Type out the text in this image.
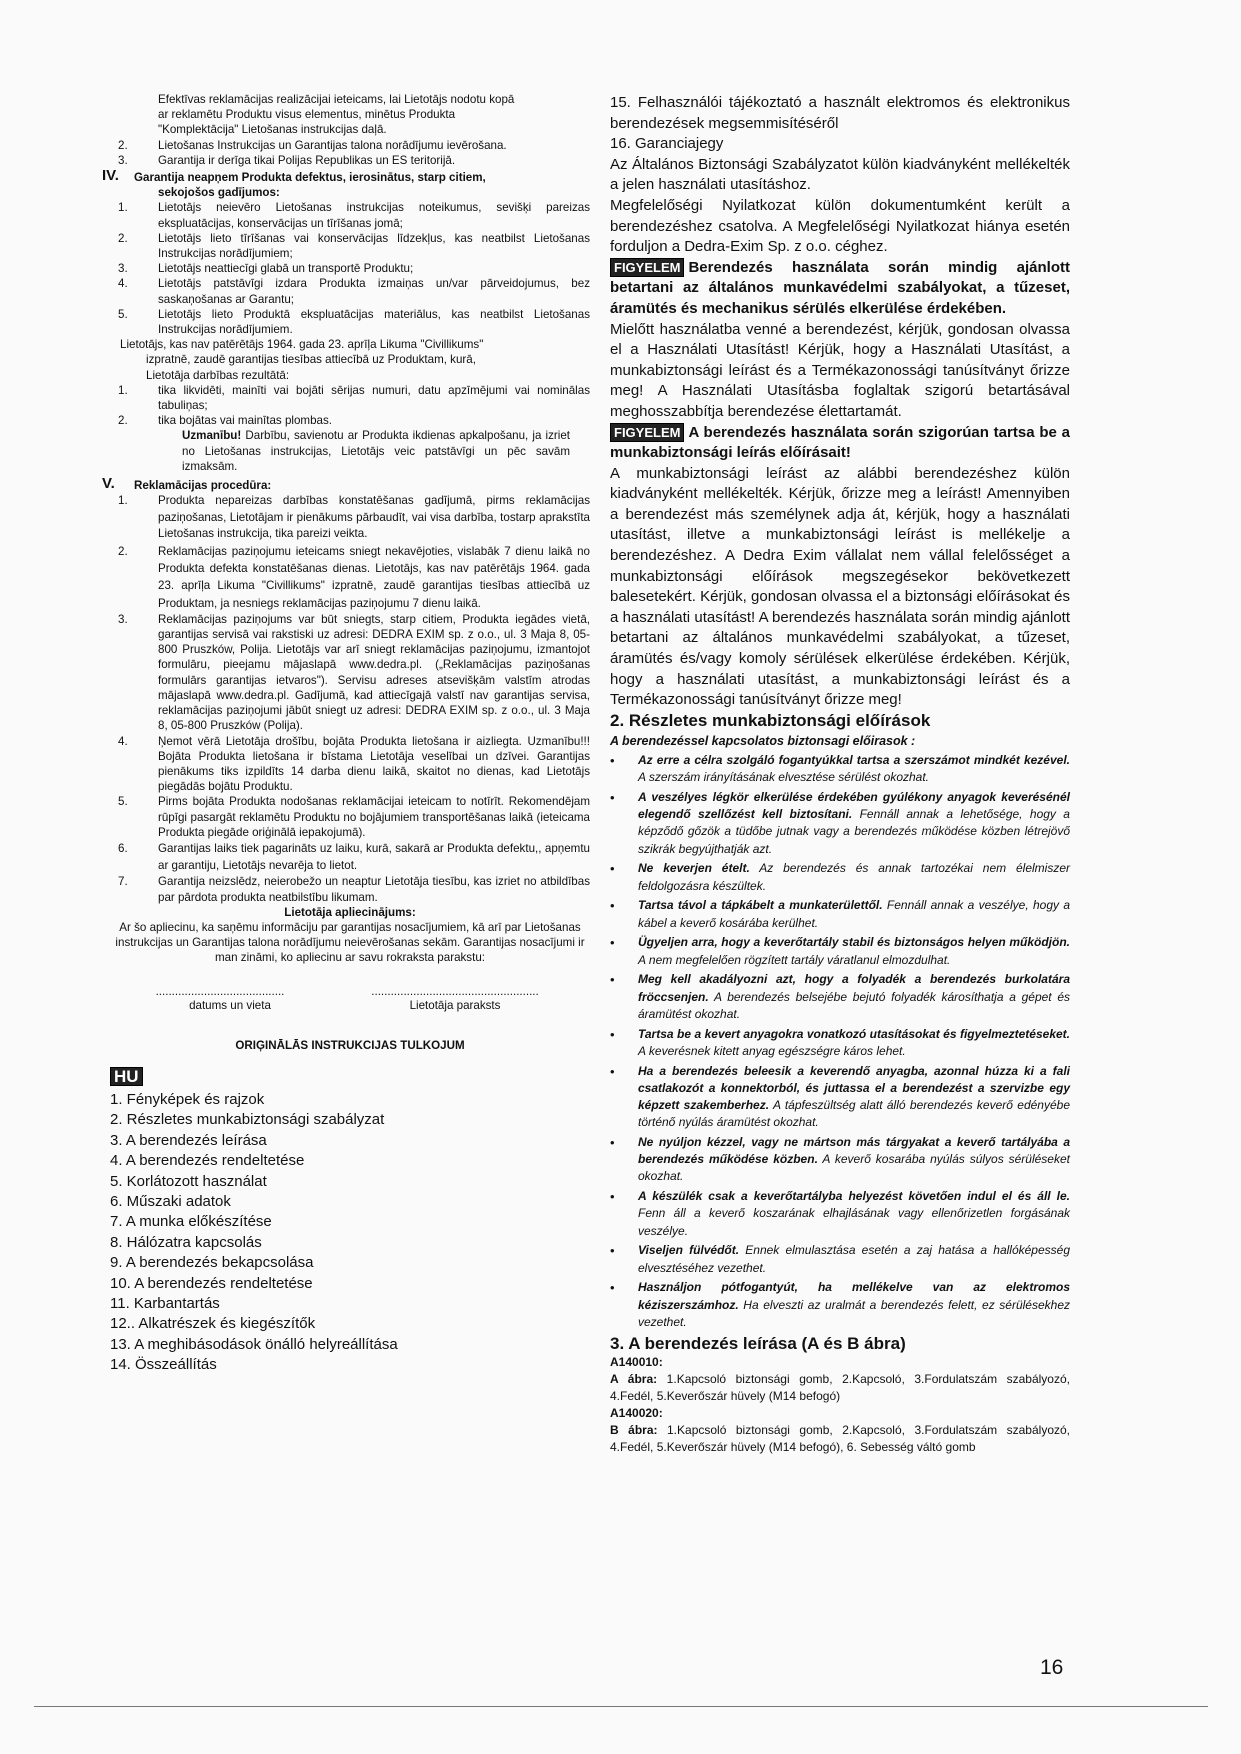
Efektīvas reklamācijas realizācijai ieteicams, lai Lietotājs nodotu kopā

ar reklamētu Produktu visus elementus, minētus Produkta

"Komplektācija" Lietošanas instrukcijas daļā.

2.	Lietošanas Instrukcijas un Garantijas talona norādījumu ievērošana.
3.	Garantija ir derīga tikai Polijas Republikas un ES teritorijā.
IV. Garantija neapņem Produkta defektus, ierosinātus, starp citiem,
sekojošos gadījumos:
1.	Lietotājs neievēro Lietošanas instrukcijas noteikumus, sevišķi pareizas ekspluatācijas, konservācijas un tīrīšanas jomā;
2.	Lietotājs lieto tīrīšanas vai konservācijas līdzekļus, kas neatbilst Lietošanas Instrukcijas norādījumiem;
3.	Lietotājs neattiecīgi glabā un transportē Produktu;
4.	Lietotājs patstāvīgi izdara Produkta izmaiņas un/var pārveidojumus, bez saskaņošanas ar Garantu;
5.	Lietotājs lieto Produktā ekspluatācijas materiālus, kas neatbilst Lietošanas Instrukcijas norādījumiem.

Lietotājs, kas nav patērētājs 1964. gada 23. aprīļa Likuma "Civillikums"

izpratnē, zaudē garantijas tiesības attiecībā uz Produktam, kurā,

Lietotāja darbības rezultātā:

1.	tika likvidēti, mainīti vai bojāti sērijas numuri, datu apzīmējumi vai nominālas tabuliņas;
2.	tika bojātas vai mainītas plombas.

Uzmanību! Darbību, savienotu ar Produkta ikdienas apkalpošanu, ja izriet no Lietošanas instrukcijas, Lietotājs veic patstāvīgi un pēc savām izmaksām.

V. Reklamācijas procedūra:
1.	Produkta nepareizas darbības konstatēšanas gadījumā, pirms reklamācijas paziņošanas, Lietotājam ir pienākums pārbaudīt, vai visa darbība, tostarp aprakstīta Lietošanas instrukcija, tika pareizi veikta.
2.	Reklamācijas paziņojumu ieteicams sniegt nekavējoties, vislabāk 7 dienu laikā no Produkta defekta konstatēšanas dienas. Lietotājs, kas nav patērētājs 1964. gada 23. aprīļa Likuma "Civillikums" izpratnē, zaudē garantijas tiesības attiecībā uz Produktam, ja nesniegs reklamācijas paziņojumu 7 dienu laikā.
3.	Reklamācijas paziņojums var būt sniegts, starp citiem, Produkta iegādes vietā, garantijas servisā vai rakstiski uz adresi: DEDRA EXIM sp. z o.o., ul. 3 Maja 8, 05-800 Pruszków, Polija. Lietotājs var arī sniegt reklamācijas paziņojumu, izmantojot formulāru, pieejamu mājaslapā www.dedra.pl. („Reklamācijas paziņošanas formulārs garantijas ietvaros"). Servisu adreses atsevišķām valstīm atrodas mājaslapā www.dedra.pl. Gadījumā, kad attiecīgajā valstī nav garantijas servisa, reklamācijas paziņojumi jābūt sniegt uz adresi: DEDRA EXIM sp. z o.o., ul. 3 Maja 8, 05-800 Pruszków (Polija).
4.	Ņemot vērā Lietotāja drošību, bojāta Produkta lietošana ir aizliegta. Uzmanību!!! Bojāta Produkta lietošana ir bīstama Lietotāja veselībai un dzīvei. Garantijas pienākums tiks izpildīts 14 darba dienu laikā, skaitot no dienas, kad Lietotājs piegādās bojātu Produktu.
5.	Pirms bojāta Produkta nodošanas reklamācijai ieteicam to notīrīt. Rekomendējam rūpīgi pasargāt reklamētu Produktu no bojājumiem transportēšanas laikā (ieteicama Produkta piegāde oriģinālā iepakojumā).
6.	Garantijas laiks tiek pagarināts uz laiku, kurā, sakarā ar Produkta defektu,, apņemtu ar garantiju, Lietotājs nevarēja to lietot.
7.	Garantija neizslēdz, neierobežo un neaptur Lietotāja tiesību, kas izriet no atbildības par pārdota produkta neatbilstību likumam.

Lietotāja apliecinājums:

Ar šo apliecinu, ka saņēmu informāciju par garantijas nosacījumiem, kā arī par Lietošanas instrukcijas un Garantijas talona norādījumu neievērošanas sekām. Garantijas nosacījumi ir man zināmi, ko apliecinu ar savu rokraksta parakstu:

........................................
datums un vieta
....................................................
Lietotāja paraksts

ORIĢINĀLĀS INSTRUKCIJAS TULKOJUM

HU

1. Fényképek és rajzok

2. Részletes munkabiztonsági szabályzat

3. A berendezés leírása

4. A berendezés rendeltetése

5. Korlátozott használat

6. Műszaki adatok

7. A munka előkészítése

8. Hálózatra kapcsolás

9. A berendezés bekapcsolása

10. A berendezés rendeltetése

11. Karbantartás

12.. Alkatrészek és kiegészítők

13. A meghibásodások önálló helyreállítása

14. Összeállítás

15. Felhasználói tájékoztató a használt elektromos és elektronikus berendezések megsemmisítéséről

16. Garanciajegy

Az Általános Biztonsági Szabályzatot külön kiadványként mellékelték a jelen használati utasításhoz.

Megfelelőségi Nyilatkozat külön dokumentumként került a berendezéshez csatolva. A Megfelelőségi Nyilatkozat hiánya esetén forduljon a Dedra-Exim Sp. z o.o. céghez.

FIGYELEM Berendezés használata során mindig ajánlott betartani az általános munkavédelmi szabályokat, a tűzeset, áramütés és mechanikus sérülés elkerülése érdekében.

Mielőtt használatba venné a berendezést, kérjük, gondosan olvassa el a Használati Utasítást! Kérjük, hogy a Használati Utasítást, a munkabiztonsági leírást és a Termékazonossági tanúsítványt őrizze meg! A Használati Utasításba foglaltak szigorú betartásával meghosszabbítja berendezése élettartamát.

FIGYELEM A berendezés használata során szigorúan tartsa be a munkabiztonsági leírás előírásait!

A munkabiztonsági leírást az alábbi berendezéshez külön kiadványként mellékelték. Kérjük, őrizze meg a leírást! Amennyiben a berendezést más személynek adja át, kérjük, hogy a használati utasítást, illetve a munkabiztonsági leírást is mellékelje a berendezéshez. A Dedra Exim vállalat nem vállal felelősséget a munkabiztonsági előírások megszegésekor bekövetkezett balesetekért. Kérjük, gondosan olvassa el a biztonsági előírásokat és a használati utasítást! A berendezés használata során mindig ajánlott betartani az általános munkavédelmi szabályokat, a tűzeset, áramütés és/vagy komoly sérülések elkerülése érdekében. Kérjük, hogy a használati utasítást, a munkabiztonsági leírást és a Termékazonossági tanúsítványt őrizze meg!

2. Részletes munkabiztonsági előírások

A berendezéssel kapcsolatos biztonsagi előirasok :

• Az erre a célra szolgáló fogantyúkkal tartsa a szerszámot mindkét kezével. A szerszám irányításának elvesztése sérülést okozhat.
• A veszélyes légkör elkerülése érdekében gyúlékony anyagok keverésénél elegendő szellőzést kell biztosítani. Fennáll annak a lehetősége, hogy a képződő gőzök a tüdőbe jutnak vagy a berendezés működése közben létrejövő szikrák begyújthatják azt.
• Ne keverjen ételt. Az berendezés és annak tartozékai nem élelmiszer feldolgozásra készültek.
• Tartsa távol a tápkábelt a munkaterülettől. Fennáll annak a veszélye, hogy a kábel a keverő kosárába kerülhet.
• Ügyeljen arra, hogy a keverőtartály stabil és biztonságos helyen működjön. A nem megfelelően rögzített tartály váratlanul elmozdulhat.
• Meg kell akadályozni azt, hogy a folyadék a berendezés burkolatára fröccsenjen. A berendezés belsejébe bejutó folyadék károsíthatja a gépet és áramütést okozhat.
• Tartsa be a kevert anyagokra vonatkozó utasításokat és figyelmeztetéseket. A keverésnek kitett anyag egészségre káros lehet.
• Ha a berendezés beleesik a keverendő anyagba, azonnal húzza ki a fali csatlakozót a konnektorból, és juttassa el a berendezést a szervizbe egy képzett szakemberhez. A tápfeszültség alatt álló berendezés keverő edényébe történő nyúlás áramütést okozhat.
• Ne nyúljon kézzel, vagy ne mártson más tárgyakat a keverő tartályába a berendezés működése közben. A keverő kosarába nyúlás súlyos sérüléseket okozhat.
• A készülék csak a keverőtartályba helyezést követően indul el és áll le. Fenn áll a keverő koszarának elhajlásának vagy ellenőrizetlen forgásának veszélye.
• Viseljen fülvédőt. Ennek elmulasztása esetén a zaj hatása a hallóképesség elvesztéséhez vezethet.
• Használjon pótfogantyút, ha mellékelve van az elektromos kéziszerszámhoz. Ha elveszti az uralmát a berendezés felett, ez sérülésekhez vezethet.

3. A berendezés leírása (A és B ábra)

A140010:

A ábra: 1.Kapcsoló biztonsági gomb, 2.Kapcsoló, 3.Fordulatszám szabályozó, 4.Fedél, 5.Keverőszár hüvely (M14 befogó)

A140020:

B ábra: 1.Kapcsoló biztonsági gomb, 2.Kapcsoló, 3.Fordulatszám szabályozó, 4.Fedél, 5.Keverőszár hüvely (M14 befogó), 6. Sebesség váltó gomb

16
